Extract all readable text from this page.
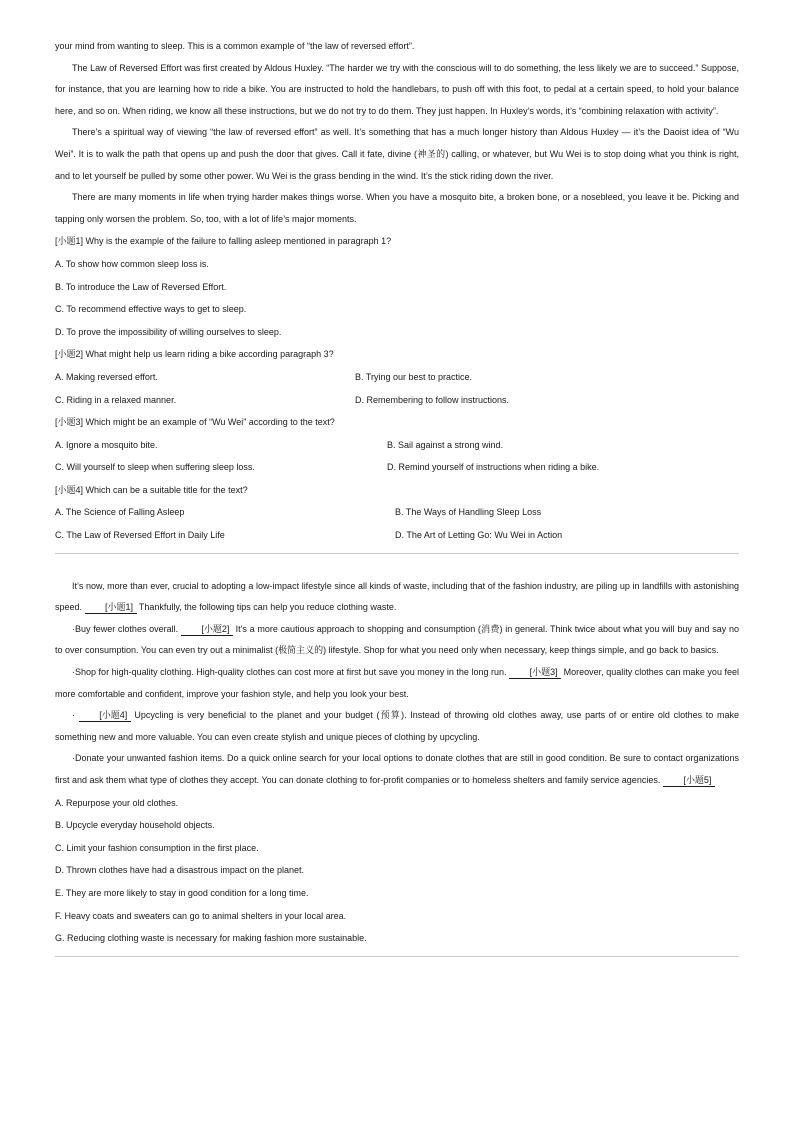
your mind from wanting to sleep. This is a common example of “the law of reversed effort”.

The Law of Reversed Effort was first created by Aldous Huxley. “The harder we try with the conscious will to do something, the less likely we are to succeed.” Suppose, for instance, that you are learning how to ride a bike. You are instructed to hold the handlebars, to push off with this foot, to pedal at a certain speed, to hold your balance here, and so on. When riding, we know all these instructions, but we do not try to do them. They just happen. In Huxley’s words, it’s “combining relaxation with activity”.

There’s a spiritual way of viewing “the law of reversed effort” as well. It’s something that has a much longer history than Aldous Huxley — it’s the Daoist idea of “Wu Wei”. It is to walk the path that opens up and push the door that gives. Call it fate, divine (神圣的) calling, or whatever, but Wu Wei is to stop doing what you think is right, and to let yourself be pulled by some other power. Wu Wei is the grass bending in the wind. It’s the stick riding down the river.

There are many moments in life when trying harder makes things worse. When you have a mosquito bite, a broken bone, or a nosebleed, you leave it be. Picking and tapping only worsen the problem. So, too, with a lot of life’s major moments.

[小题1] Why is the example of the failure to falling asleep mentioned in paragraph 1?
A. To show how common sleep loss is.
B. To introduce the Law of Reversed Effort.
C. To recommend effective ways to get to sleep.
D. To prove the impossibility of willing ourselves to sleep.
[小题2] What might help us learn riding a bike according paragraph 3?
A. Making reversed effort.	B. Trying our best to practice.
C. Riding in a relaxed manner.	D. Remembering to follow instructions.
[小题3] Which might be an example of “Wu Wei” according to the text?
A. Ignore a mosquito bite.	B. Sail against a strong wind.
C. Will yourself to sleep when suffering sleep loss.	D. Remind yourself of instructions when riding a bike.
[小题4] Which can be a suitable title for the text?
A. The Science of Falling Asleep	B. The Ways of Handling Sleep Loss
C. The Law of Reversed Effort in Daily Life	D. The Art of Letting Go: Wu Wei in Action

It’s now, more than ever, crucial to adopting a low-impact lifestyle since all kinds of waste, including that of the fashion industry, are piling up in landfills with astonishing speed. [小题1] Thankfully, the following tips can help you reduce clothing waste.

·Buy fewer clothes overall. [小题2] It’s a more cautious approach to shopping and consumption (消费) in general. Think twice about what you will buy and say no to over consumption. You can even try out a minimalist (极简主义的) lifestyle. Shop for what you need only when necessary, keep things simple, and go back to basics.

·Shop for high-quality clothing. High-quality clothes can cost more at first but save you money in the long run. [小题3] Moreover, quality clothes can make you feel more comfortable and confident, improve your fashion style, and help you look your best.

· [小题4] Upcycling is very beneficial to the planet and your budget (预算). Instead of throwing old clothes away, use parts of or entire old clothes to make something new and more valuable. You can even create stylish and unique pieces of clothing by upcycling.

·Donate your unwanted fashion items. Do a quick online search for your local options to donate clothes that are still in good condition. Be sure to contact organizations first and ask them what type of clothes they accept. You can donate clothing to for-profit companies or to homeless shelters and family service agencies. [小题5]

A. Repurpose your old clothes.
B. Upcycle everyday household objects.
C. Limit your fashion consumption in the first place.
D. Thrown clothes have had a disastrous impact on the planet.
E. They are more likely to stay in good condition for a long time.
F. Heavy coats and sweaters can go to animal shelters in your local area.
G. Reducing clothing waste is necessary for making fashion more sustainable.
